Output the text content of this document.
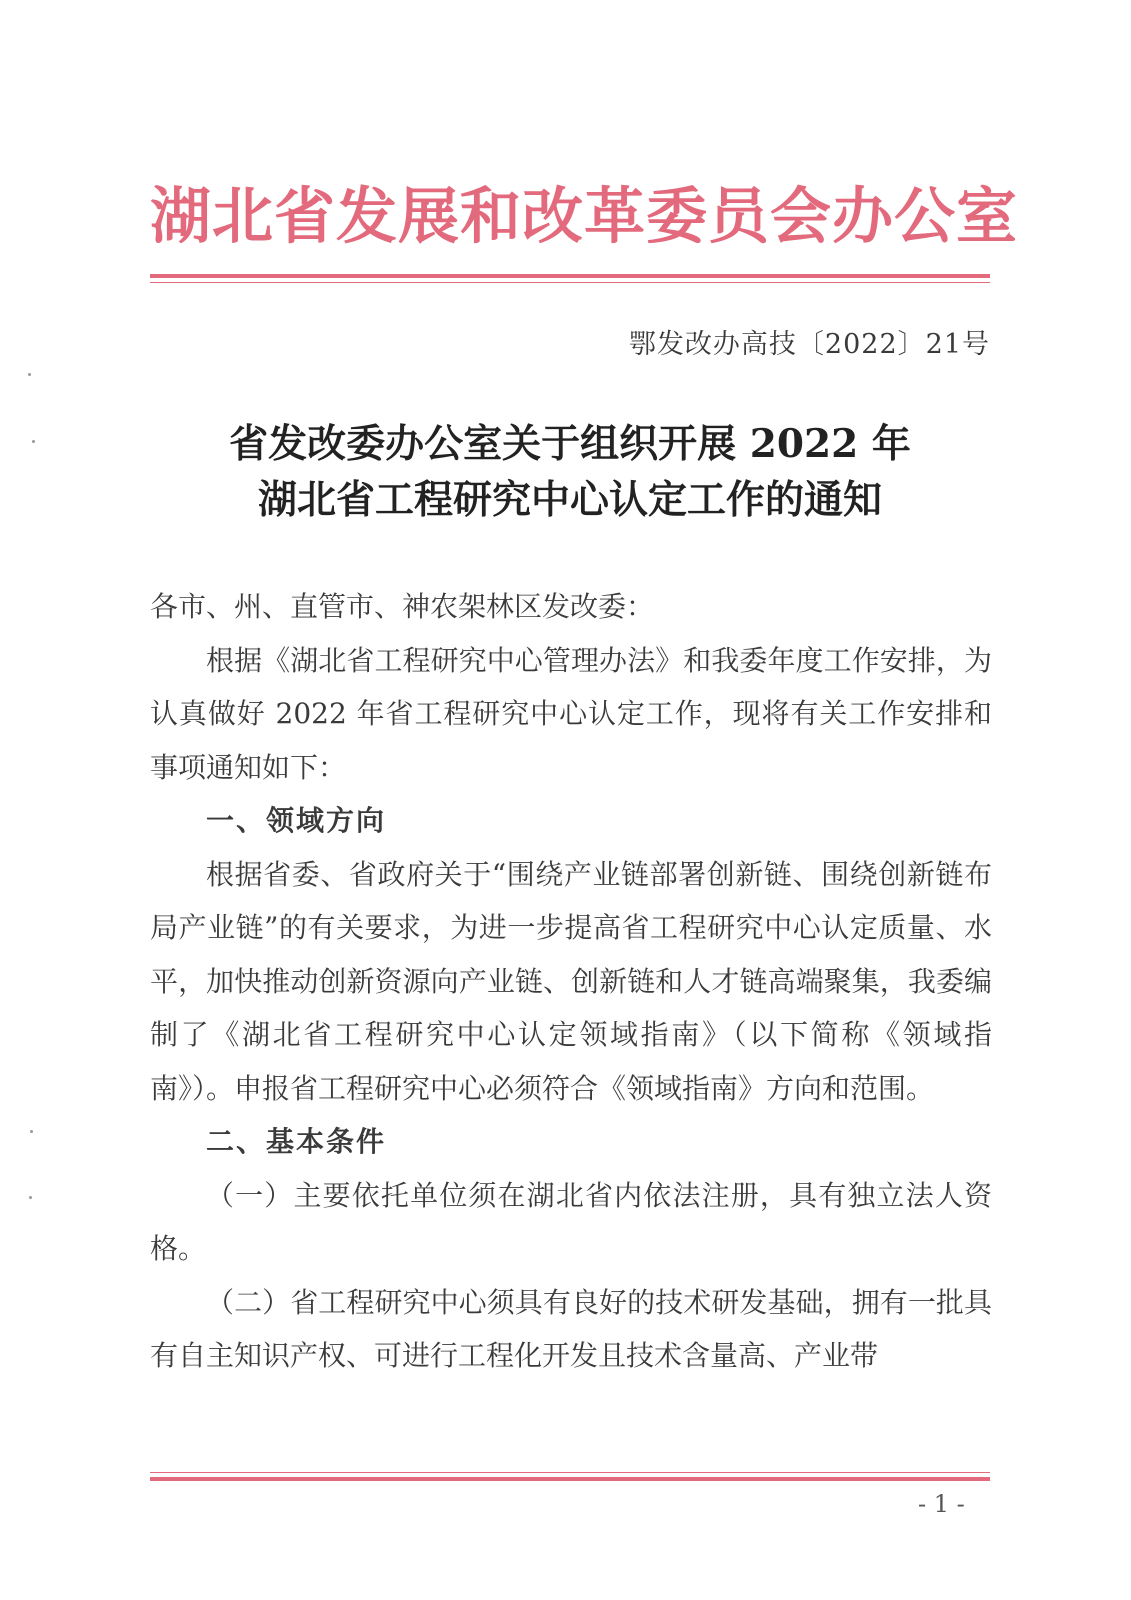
湖北省发展和改革委员会办公室
鄂发改办高技〔2022〕21号
省发改委办公室关于组织开展 2022 年
湖北省工程研究中心认定工作的通知

各市、州、直管市、神农架林区发改委：

根据《湖北省工程研究中心管理办法》和我委年度工作安排，为认真做好 2022 年省工程研究中心认定工作，现将有关工作安排和事项通知如下：

一、领域方向

根据省委、省政府关于“围绕产业链部署创新链、围绕创新链布局产业链”的有关要求，为进一步提高省工程研究中心认定质量、水平，加快推动创新资源向产业链、创新链和人才链高端聚集，我委编制了《湖北省工程研究中心认定领域指南》（以下简称《领域指南》）。申报省工程研究中心必须符合《领域指南》方向和范围。

二、基本条件

（一）主要依托单位须在湖北省内依法注册，具有独立法人资格。

（二）省工程研究中心须具有良好的技术研发基础，拥有一批具有自主知识产权、可进行工程化开发且技术含量高、产业带

- 1 -
